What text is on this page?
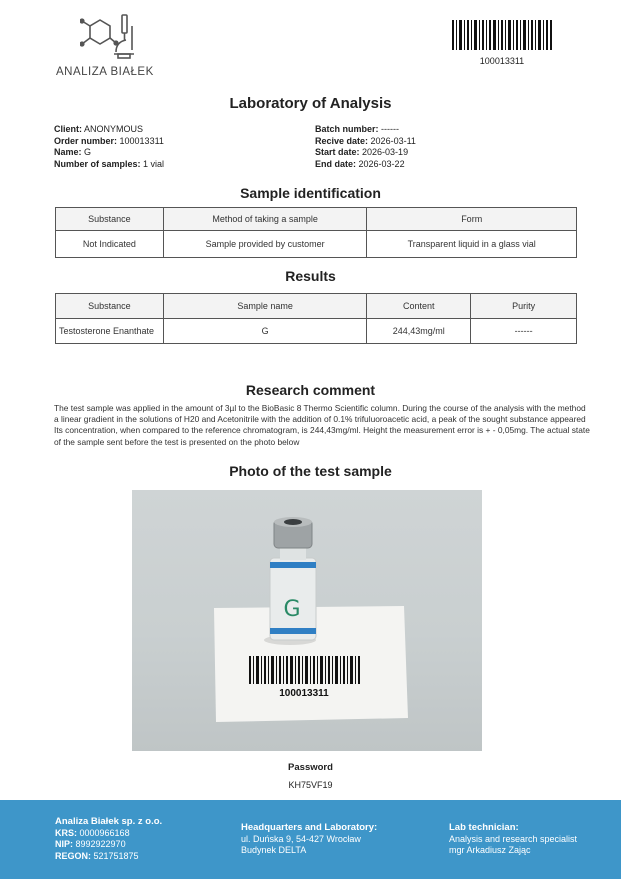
ANALIZA BIAŁEK
100013311
Laboratory of Analysis
Client: ANONYMOUS
Order number: 100013311
Name: G
Number of samples: 1 vial
Batch number: ------
Recive date: 2026-03-11
Start date: 2026-03-19
End date: 2026-03-22
Sample identification
Substance	Method of taking a sample	Form
Not Indicated	Sample provided by customer	Transparent liquid in a glass vial
Results
Substance	Sample name	Content	Purity
Testosterone Enanthate	G	244,43mg/ml	------
Research comment
The test sample was applied in the amount of 3µl to the BioBasic 8 Thermo Scientific column. During the course of the analysis with the method a linear gradient in the solutions of H20 and Acetonitrile with the addition of 0.1% trifuluoroacetic acid, a peak of the sought substance appeared Its concentration, when compared to the reference chromatogram, is 244,43mg/ml. Height the measurement error is + - 0,05mg. The actual state of the sample sent before the test is presented on the photo below
Photo of the test sample
100013311
G
Password
KH75VF19
Analiza Białek sp. z o.o.
KRS: 0000966168
NIP: 8992922970
REGON: 521751875
Headquarters and Laboratory:
ul. Duńska 9, 54-427 Wrocław
Budynek DELTA
Lab technician:
Analysis and research specialist
mgr Arkadiusz Zając
